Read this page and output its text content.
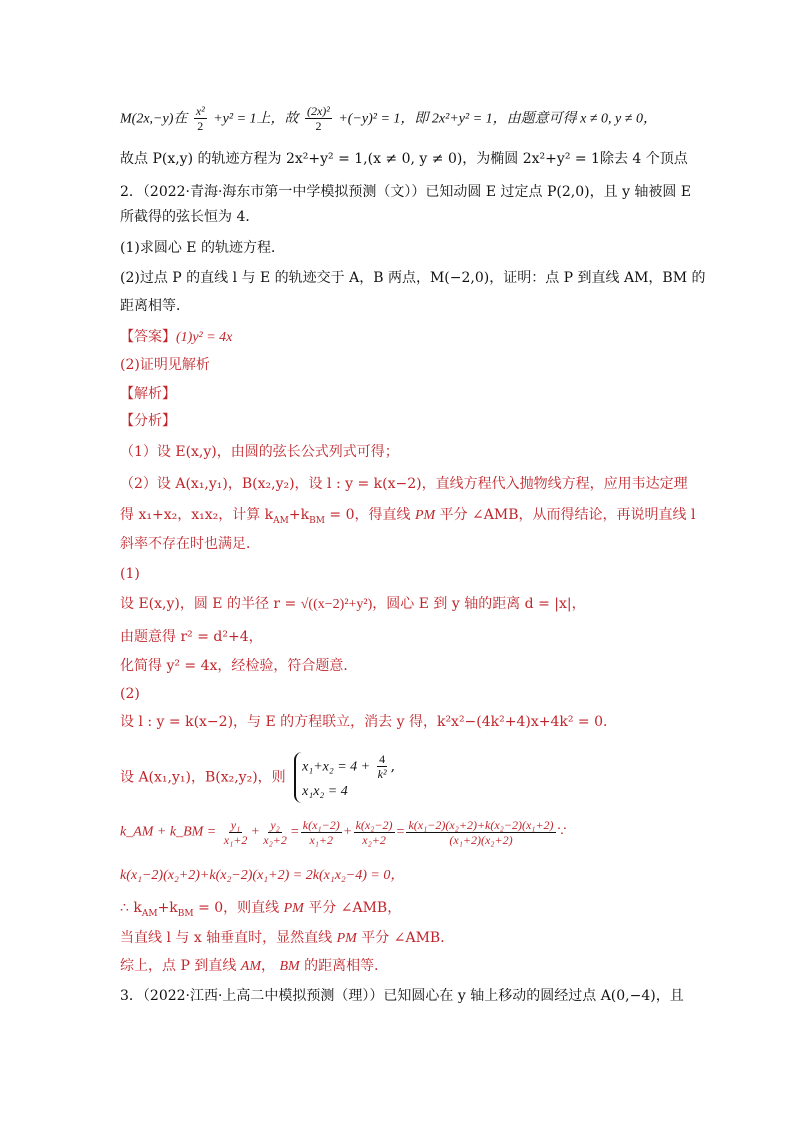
M(2x,−y)在 $\frac{\text{x²}}{2} +y^2 = 1$上，故 $\frac{\text{(2x)²}}{2} +(-y)^2 = 1$，即 2x²+y² = 1，由题意可得 x ≠ 0, y ≠ 0，
故点 P(x,y) 的轨迹方程为 2x²+y² = 1,(x ≠ 0, y ≠ 0)，为椭圆 2x²+y² = 1除去 4 个顶点
2．（2022·青海·海东市第一中学模拟预测（文））已知动圆 E 过定点 P(2,0)，且 y 轴被圆 E
所截得的弦长恒为 4．
(1)求圆心 E 的轨迹方程．
(2)过点 P 的直线 l 与 E 的轨迹交于 A，B 两点，M(−2,0)，证明：点 P 到直线 AM，BM 的
距离相等．
【答案】(1)y² = 4x
(2)证明见解析
【解析】
【分析】
（1）设 E(x,y)，由圆的弦长公式列式可得；
（2）设 A(x₁,y₁)，B(x₂,y₂)，设 l : y = k(x−2)，直线方程代入抛物线方程，应用韦达定理
得 x₁+x₂，x₁x₂，计算 $k_{AM}+k_{BM} = 0$，得直线 PM 平分 ∠AMB，从而得结论，再说明直线 l
斜率不存在时也满足．
(1)
设 E(x,y)，圆 E 的半径 r = √((x−2)²+y²)，圆心 E 到 y 轴的距离 d = |x|，
由题意得 r² = d²+4，
化简得 y² = 4x，经检验，符合题意．
(2)
设 l : y = k(x−2)，与 E 的方程联立，消去 y 得，k²x²−(4k²+4)x+4k² = 0．
设 A(x₁,y₁)，B(x₂,y₂)，则
$x_1+x_2 = 4 + \frac{4}{\text{k²}}$ ,
x₁x₂ = 4
k_AM + k_BM = $\frac{\text{y₁}}{\text{x₁+2}} + \frac{\text{y₂}}{\text{x₂+2}} = \frac{\text{k(x₁−2)}}{\text{x₁+2}} + \frac{\text{k(x₂−2)}}{\text{x₂+2}} = \frac{\text{k(x₁−2)(x₂+2)+k(x₂−2)(x₁+2)}}{\text{(x₁+2)(x₂+2)}}$ ∵
k(x₁−2)(x₂+2)+k(x₂−2)(x₁+2) = 2k(x₁x₂−4) = 0，
∴ $k_{AM}+k_{BM} = 0$，则直线 PM 平分 ∠AMB，
当直线 l 与 x 轴垂直时，显然直线 PM 平分 ∠AMB．
综上，点 P 到直线 AM， BM 的距离相等．
3．（2022·江西·上高二中模拟预测（理））已知圆心在 y 轴上移动的圆经过点 A(0,−4)，且
